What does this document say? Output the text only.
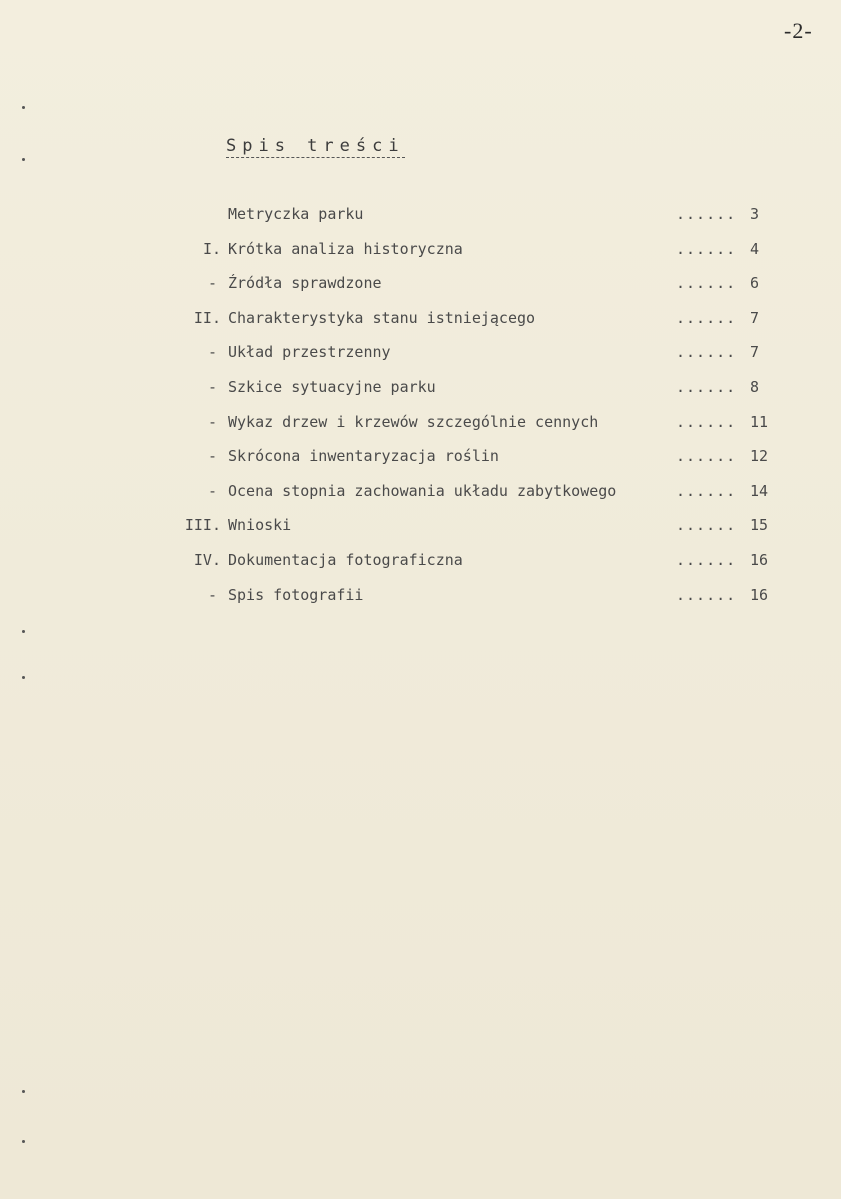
-2-
Spis treści
Metryczka parku	...... 3
I. Krótka analiza historyczna	...... 4
- Źródła sprawdzone	...... 6
II. Charakterystyka stanu istniejącego	...... 7
- Układ przestrzenny	...... 7
- Szkice sytuacyjne parku	...... 8
- Wykaz drzew i krzewów szczególnie cennych	...... 11
- Skrócona inwentaryzacja roślin	...... 12
- Ocena stopnia zachowania układu zabytkowego	...... 14
III. Wnioski	...... 15
IV. Dokumentacja fotograficzna	...... 16
- Spis fotografii	...... 16
